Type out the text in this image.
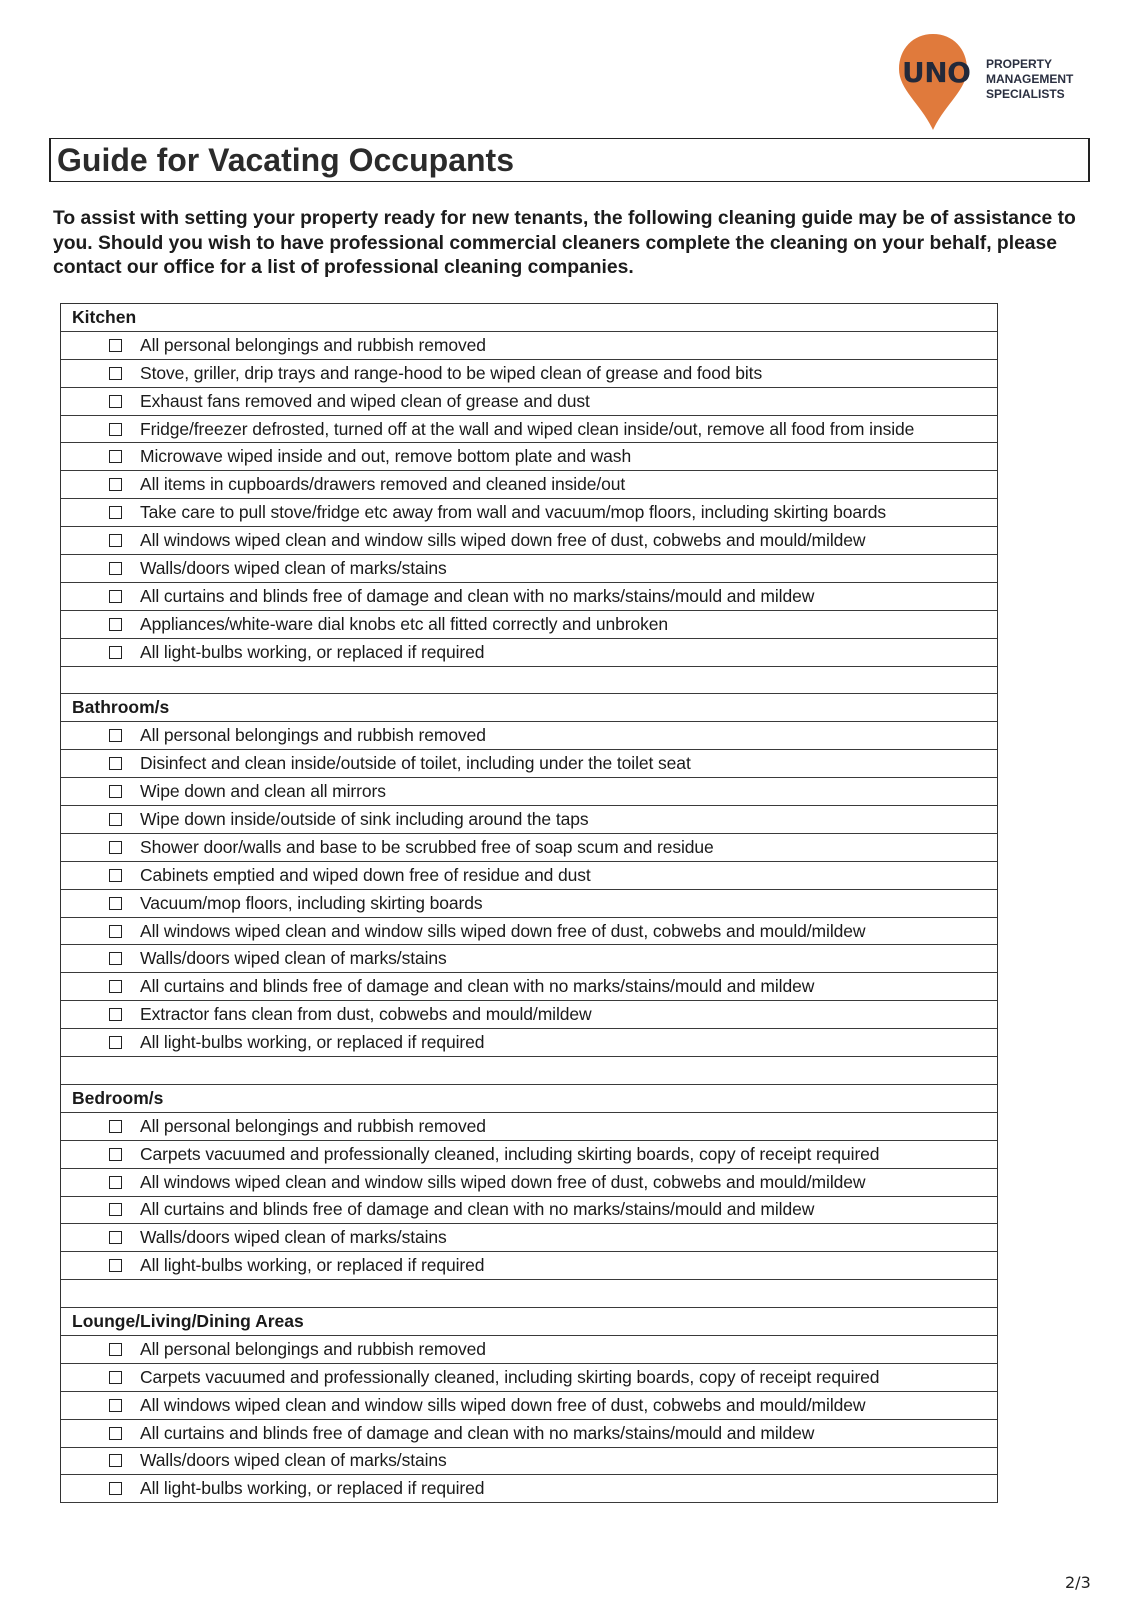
UNO PROPERTY
MANAGEMENT
SPECIALISTS
Guide for Vacating Occupants
To assist with setting your property ready for new tenants, the following cleaning guide may be of assistance to you. Should you wish to have professional commercial cleaners complete the cleaning on your behalf, please contact our office for a list of professional cleaning companies.
Kitchen
All personal belongings and rubbish removed
Stove, griller, drip trays and range-hood to be wiped clean of grease and food bits
Exhaust fans removed and wiped clean of grease and dust
Fridge/freezer defrosted, turned off at the wall and wiped clean inside/out, remove all food from inside
Microwave wiped inside and out, remove bottom plate and wash
All items in cupboards/drawers removed and cleaned inside/out
Take care to pull stove/fridge etc away from wall and vacuum/mop floors, including skirting boards
All windows wiped clean and window sills wiped down free of dust, cobwebs and mould/mildew
Walls/doors wiped clean of marks/stains
All curtains and blinds free of damage and clean with no marks/stains/mould and mildew
Appliances/white-ware dial knobs etc all fitted correctly and unbroken
All light-bulbs working, or replaced if required
Bathroom/s
All personal belongings and rubbish removed
Disinfect and clean inside/outside of toilet, including under the toilet seat
Wipe down and clean all mirrors
Wipe down inside/outside of sink including around the taps
Shower door/walls and base to be scrubbed free of soap scum and residue
Cabinets emptied and wiped down free of residue and dust
Vacuum/mop floors, including skirting boards
All windows wiped clean and window sills wiped down free of dust, cobwebs and mould/mildew
Walls/doors wiped clean of marks/stains
All curtains and blinds free of damage and clean with no marks/stains/mould and mildew
Extractor fans clean from dust, cobwebs and mould/mildew
All light-bulbs working, or replaced if required
Bedroom/s
All personal belongings and rubbish removed
Carpets vacuumed and professionally cleaned, including skirting boards, copy of receipt required
All windows wiped clean and window sills wiped down free of dust, cobwebs and mould/mildew
All curtains and blinds free of damage and clean with no marks/stains/mould and mildew
Walls/doors wiped clean of marks/stains
All light-bulbs working, or replaced if required
Lounge/Living/Dining Areas
All personal belongings and rubbish removed
Carpets vacuumed and professionally cleaned, including skirting boards, copy of receipt required
All windows wiped clean and window sills wiped down free of dust, cobwebs and mould/mildew
All curtains and blinds free of damage and clean with no marks/stains/mould and mildew
Walls/doors wiped clean of marks/stains
All light-bulbs working, or replaced if required
2/3
